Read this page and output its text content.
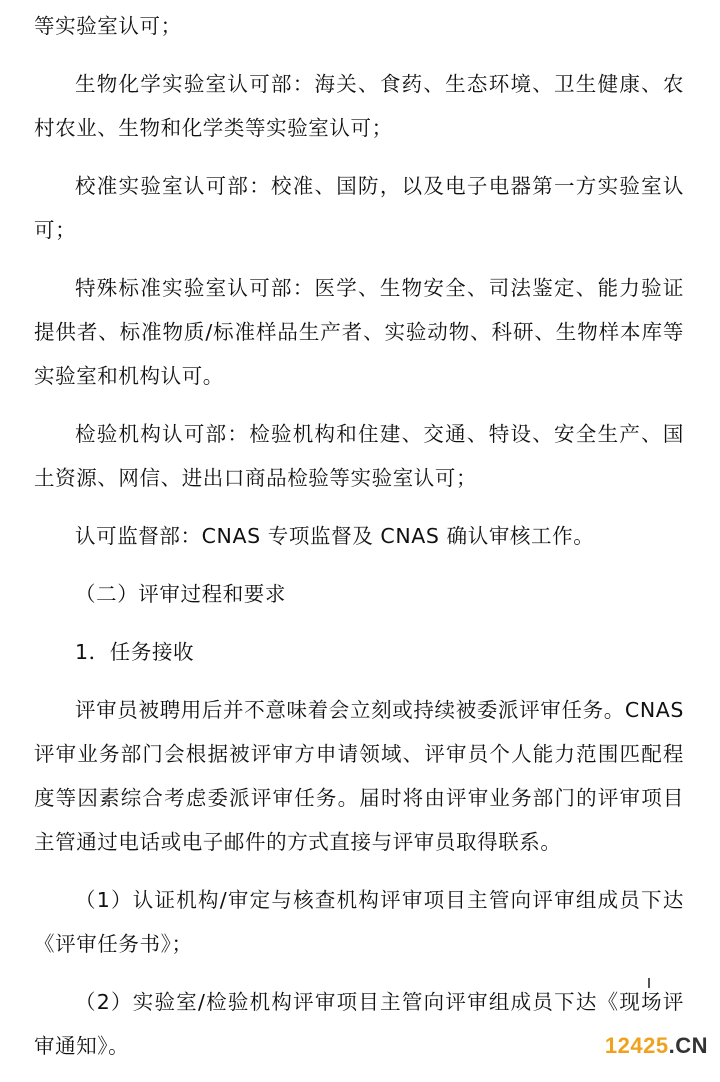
等实验室认可；

生物化学实验室认可部：海关、食药、生态环境、卫生健康、农村农业、生物和化学类等实验室认可；

校准实验室认可部：校准、国防，以及电子电器第一方实验室认可；

特殊标准实验室认可部：医学、生物安全、司法鉴定、能力验证提供者、标准物质/标准样品生产者、实验动物、科研、生物样本库等实验室和机构认可。

检验机构认可部：检验机构和住建、交通、特设、安全生产、国土资源、网信、进出口商品检验等实验室认可；

认可监督部：CNAS 专项监督及 CNAS 确认审核工作。

（二）评审过程和要求

1．任务接收

评审员被聘用后并不意味着会立刻或持续被委派评审任务。CNAS 评审业务部门会根据被评审方申请领域、评审员个人能力范围匹配程度等因素综合考虑委派评审任务。届时将由评审业务部门的评审项目主管通过电话或电子邮件的方式直接与评审员取得联系。

（1）认证机构/审定与核查机构评审项目主管向评审组成员下达《评审任务书》；

（2）实验室/检验机构评审项目主管向评审组成员下达《现场评审通知》。	12425.CN
